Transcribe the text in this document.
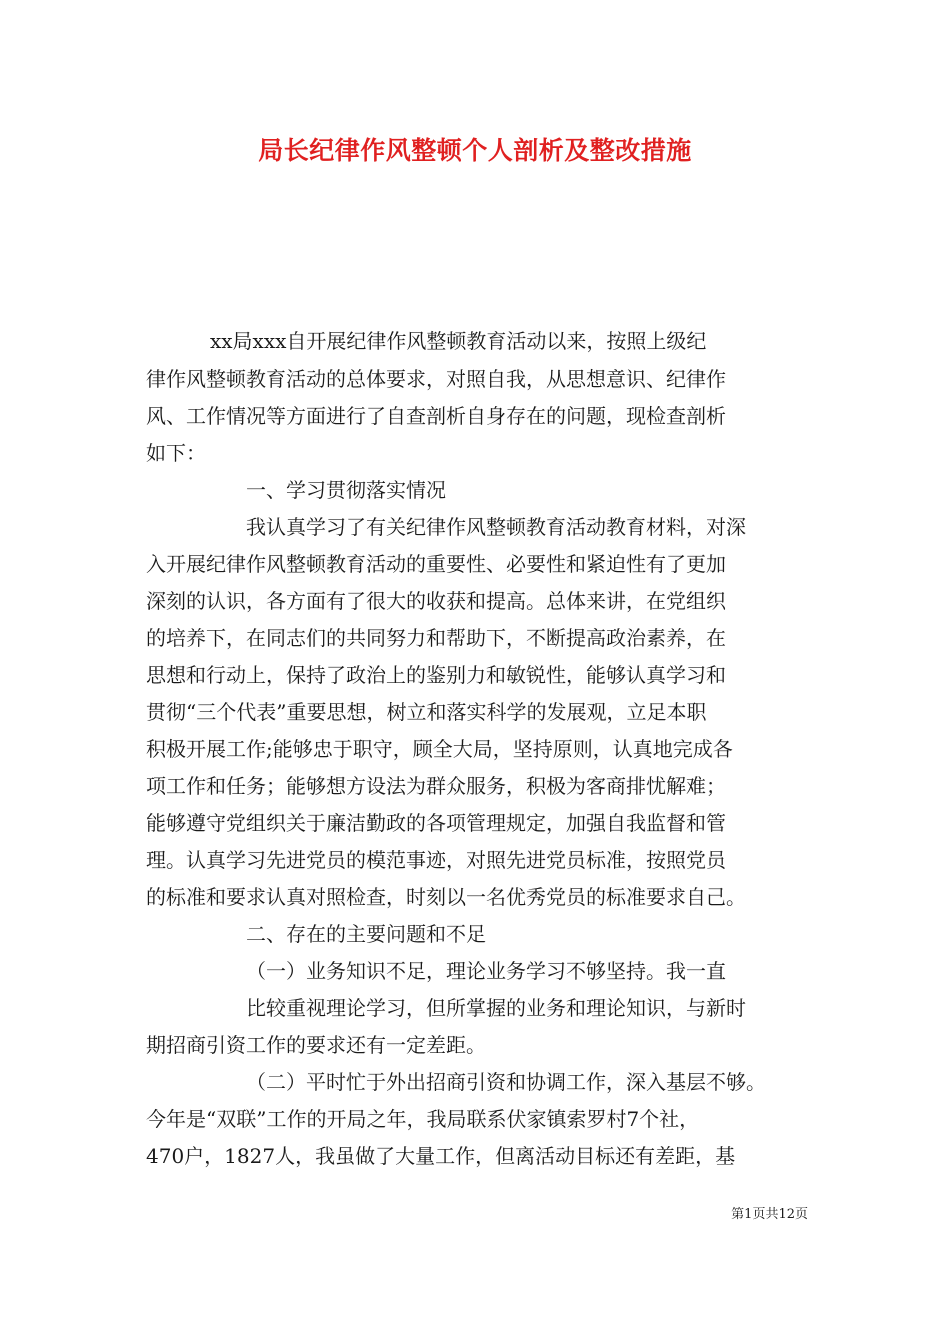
局长纪律作风整顿个人剖析及整改措施
xx局xxx自开展纪律作风整顿教育活动以来，按照上级纪
律作风整顿教育活动的总体要求，对照自我，从思想意识、纪律作
风、工作情况等方面进行了自查剖析自身存在的问题，现检查剖析
如下：
一、学习贯彻落实情况
我认真学习了有关纪律作风整顿教育活动教育材料，对深
入开展纪律作风整顿教育活动的重要性、必要性和紧迫性有了更加
深刻的认识，各方面有了很大的收获和提高。总体来讲，在党组织
的培养下，在同志们的共同努力和帮助下，不断提高政治素养，在
思想和行动上，保持了政治上的鉴别力和敏锐性，能够认真学习和
贯彻“三个代表”重要思想，树立和落实科学的发展观，立足本职
积极开展工作;能够忠于职守，顾全大局，坚持原则，认真地完成各
项工作和任务；能够想方设法为群众服务，积极为客商排忧解难；
能够遵守党组织关于廉洁勤政的各项管理规定，加强自我监督和管
理。认真学习先进党员的模范事迹，对照先进党员标准，按照党员
的标准和要求认真对照检查，时刻以一名优秀党员的标准要求自己。
二、存在的主要问题和不足
（一）业务知识不足，理论业务学习不够坚持。我一直
比较重视理论学习，但所掌握的业务和理论知识，与新时
期招商引资工作的要求还有一定差距。
（二）平时忙于外出招商引资和协调工作，深入基层不够。
今年是“双联”工作的开局之年，我局联系伏家镇索罗村7个社，
470户，1827人，我虽做了大量工作，但离活动目标还有差距，基
第1页共12页
